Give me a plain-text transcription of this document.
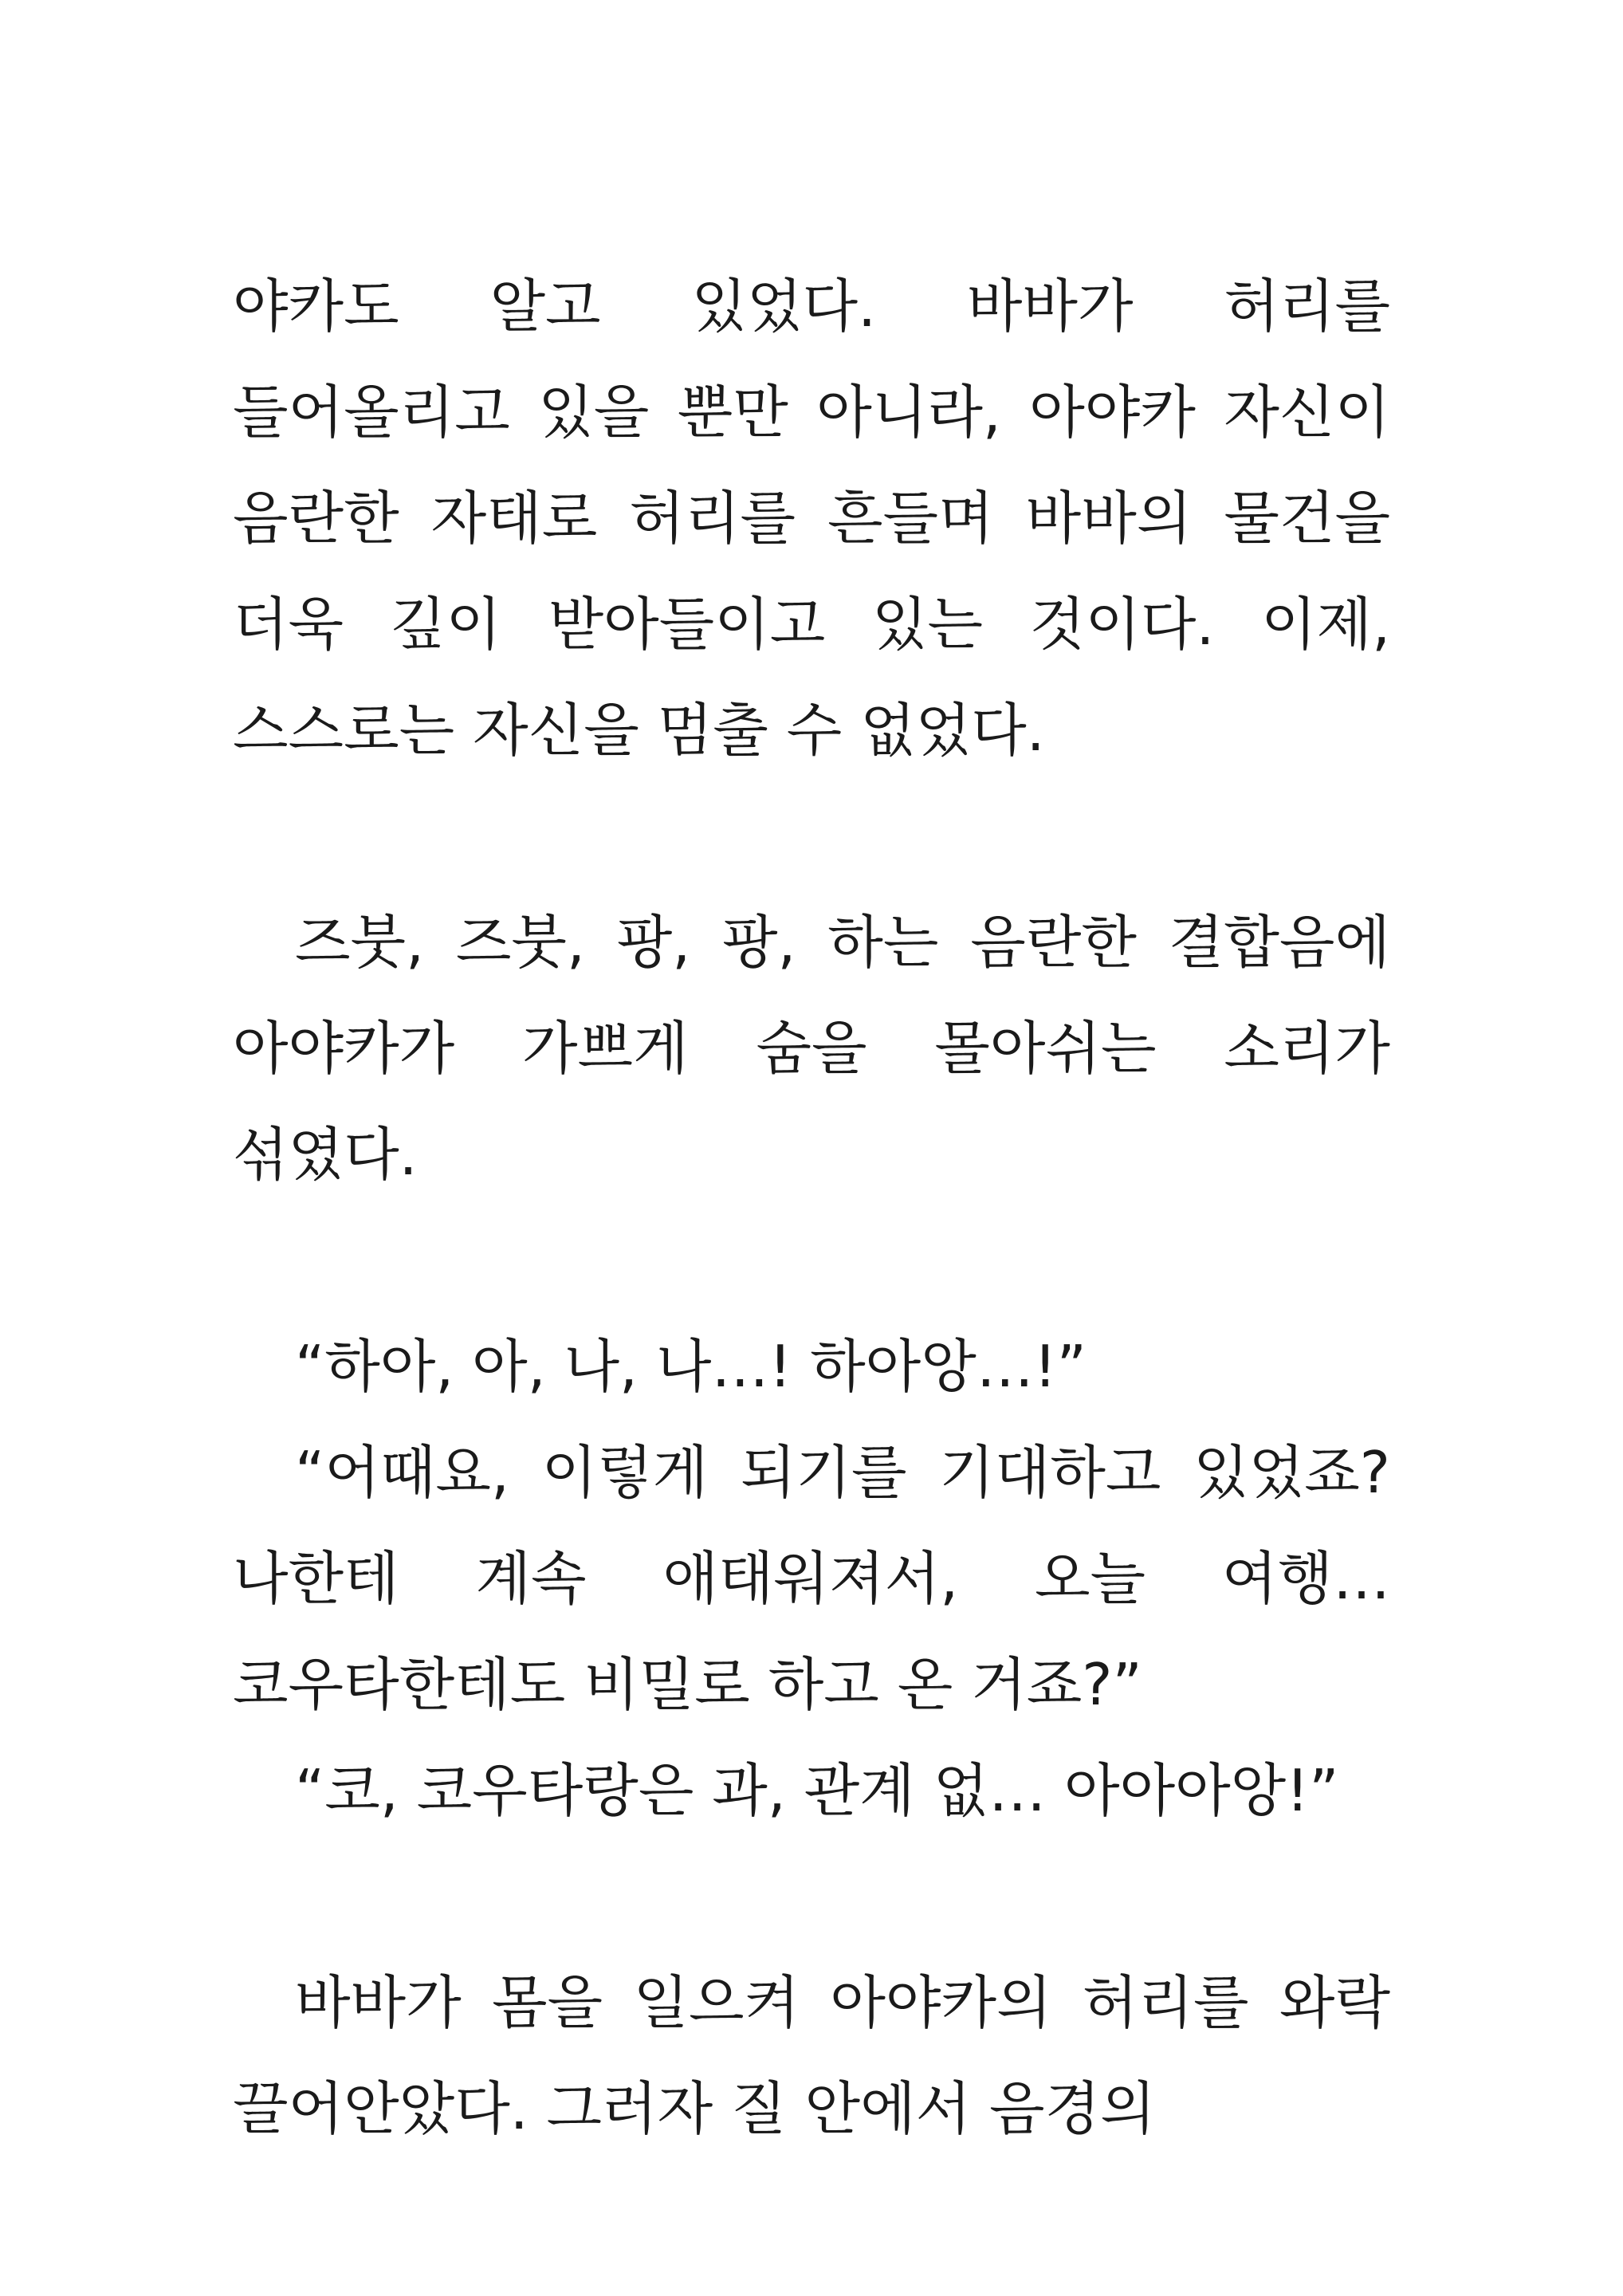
야카도 알고 있었다. 바바가 허리를 들어올리고 있을 뿐만 아니라, 아야카 자신이 음란한 자태로 허리를 흔들며 바바의 물건을 더욱 깊이 받아들이고 있는 것이다. 이제, 스스로는 자신을 멈출 수 없었다.

즈붓, 즈붓, 팡, 팡, 하는 음란한 결합음에 아야카가 가쁘게 숨을 몰아쉬는 소리가 섞였다.

“하아, 아, 나, 나…! 하아앙…!”

“어때요, 이렇게 되기를 기대하고 있었죠? 나한테 계속 애태워져서, 오늘 여행… 코우타한테도 비밀로 하고 온 거죠?”

“코, 코우타랑은 과, 관계 없… 아아아앙!”

바바가 몸을 일으켜 아야카의 허리를 와락 끌어안았다. 그러자 질 안에서 음경의
